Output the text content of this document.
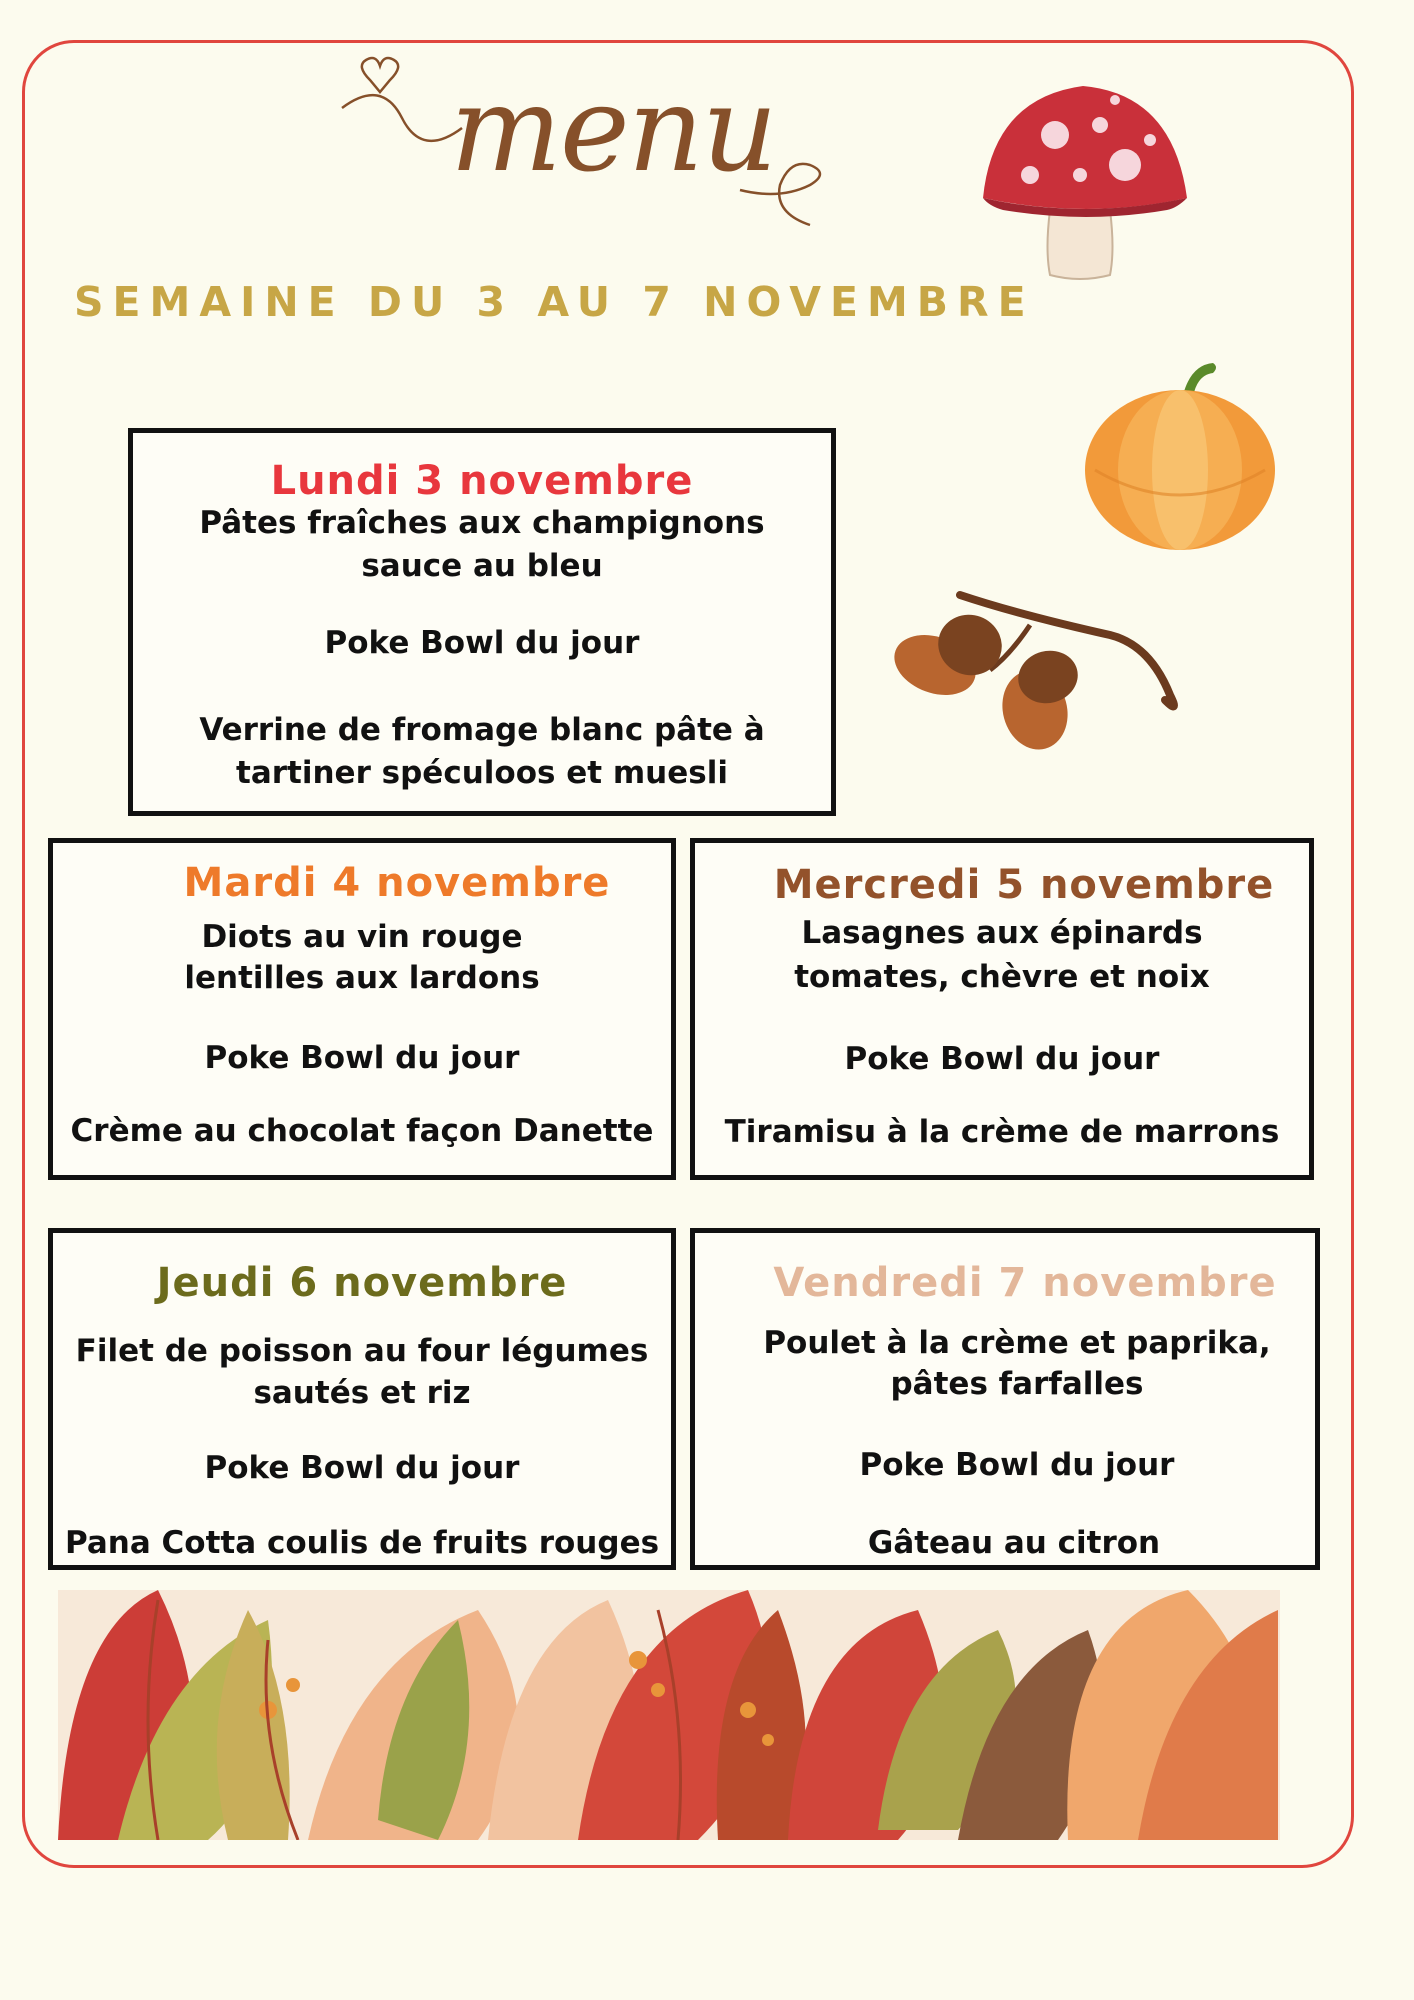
menu
SEMAINE DU 3 AU 7 NOVEMBRE
Lundi 3 novembre
Pâtes fraîches aux champignons
sauce au bleu
Poke Bowl du jour
Verrine de fromage blanc pâte à
tartiner spéculoos et muesli
Mardi 4 novembre
Diots au vin rouge
lentilles aux lardons
Poke Bowl du jour
Crème au chocolat façon Danette
Mercredi 5 novembre
Lasagnes aux épinards
tomates, chèvre et noix
Poke Bowl du jour
Tiramisu à la crème de marrons
Jeudi 6 novembre
Filet de poisson au four légumes
sautés et riz
Poke Bowl du jour
Pana Cotta coulis de fruits rouges
Vendredi 7 novembre
Poulet à la crème et paprika,
pâtes farfalles
Poke Bowl du jour
Gâteau au citron
